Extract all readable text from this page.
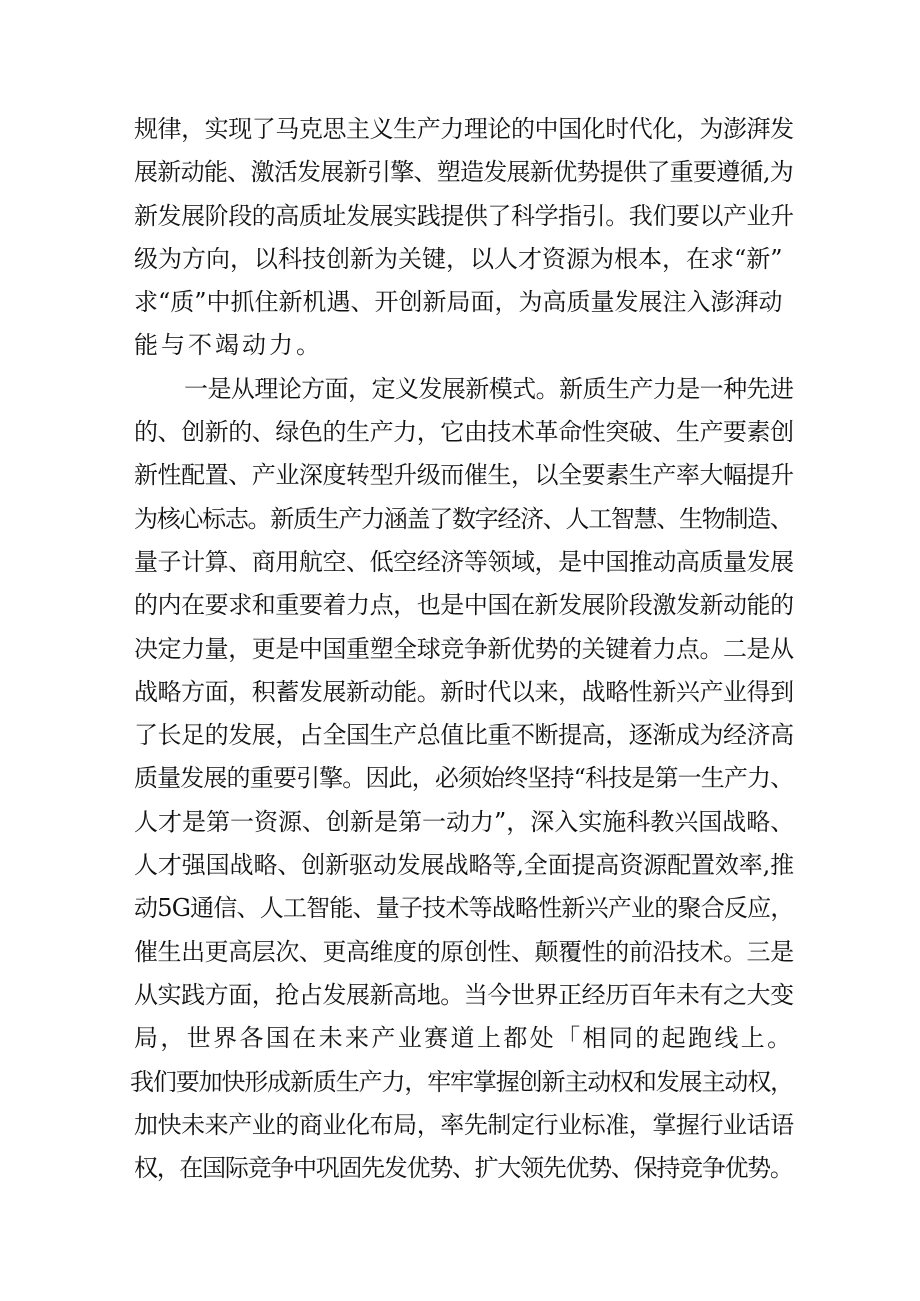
规律，实现了马克思主义生产力理论的中国化时代化，为澎湃发
展新动能、激活发展新引擎、塑造发展新优势提供了重要遵循,为
新发展阶段的高质址发展实践提供了科学指引。我们要以产业升
级为方向，以科技创新为关键，以人才资源为根本，在求“新”
求“质”中抓住新机遇、开创新局面，为高质量发展注入澎湃动
能与不竭动力。
一是从理论方面，定义发展新模式。新质生产力是一种先进
的、创新的、绿色的生产力，它由技术革命性突破、生产要素创
新性配置、产业深度转型升级而催生，以全要素生产率大幅提升
为核心标志。新质生产力涵盖了数字经济、人工智慧、生物制造、
量子计算、商用航空、低空经济等领域，是中国推动高质量发展
的内在要求和重要着力点，也是中国在新发展阶段激发新动能的
决定力量，更是中国重塑全球竞争新优势的关键着力点。二是从
战略方面，积蓄发展新动能。新时代以来，战略性新兴产业得到
了长足的发展，占全国生产总值比重不断提高，逐渐成为经济高
质量发展的重要引擎。因此，必须始终坚持“科技是第一生产力、
人才是第一资源、创新是第一动力”，深入实施科教兴国战略、
人才强国战略、创新驱动发展战略等,全面提高资源配置效率,推
动5G通信、人工智能、量子技术等战略性新兴产业的聚合反应，
催生出更高层次、更高维度的原创性、颠覆性的前沿技术。三是
从实践方面，抢占发展新高地。当今世界正经历百年未有之大变
局，世界各国在未来产业赛道上都处「相同的起跑线上。
我们要加快形成新质生产力，牢牢掌握创新主动权和发展主动权，
加快未来产业的商业化布局，率先制定行业标准，掌握行业话语
权，在国际竞争中巩固先发优势、扩大领先优势、保持竞争优势。
